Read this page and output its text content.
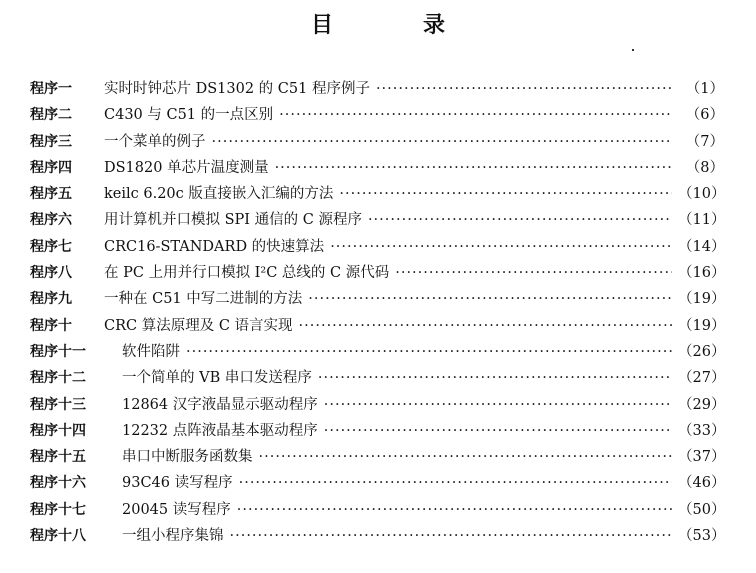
目　录
程序一	实时时钟芯片 DS1302 的 C51 程序例子 ·····	（1）
程序二	C430 与 C51 的一点区别 ·····	（6）
程序三	一个菜单的例子 ·····	（7）
程序四	DS1820 单芯片温度测量 ·····	（8）
程序五	keilc 6.20c 版直接嵌入汇编的方法 ·····	（10）
程序六	用计算机并口模拟 SPI 通信的 C 源程序 ·····	（11）
程序七	CRC16-STANDARD 的快速算法 ·····	（14）
程序八	在 PC 上用并行口模拟 I²C 总线的 C 源代码 ·····	（16）
程序九	一种在 C51 中写二进制的方法 ·····	（19）
程序十	CRC 算法原理及 C 语言实现 ·····	（19）
程序十一	软件陷阱 ·····	（26）
程序十二	一个简单的 VB 串口发送程序 ·····	（27）
程序十三	12864 汉字液晶显示驱动程序 ·····	（29）
程序十四	12232 点阵液晶基本驱动程序 ·····	（33）
程序十五	串口中断服务函数集 ·····	（37）
程序十六	93C46 读写程序 ·····	（46）
程序十七	20045 读写程序 ·····	（50）
程序十八	一组小程序集锦 ·····	（53）
